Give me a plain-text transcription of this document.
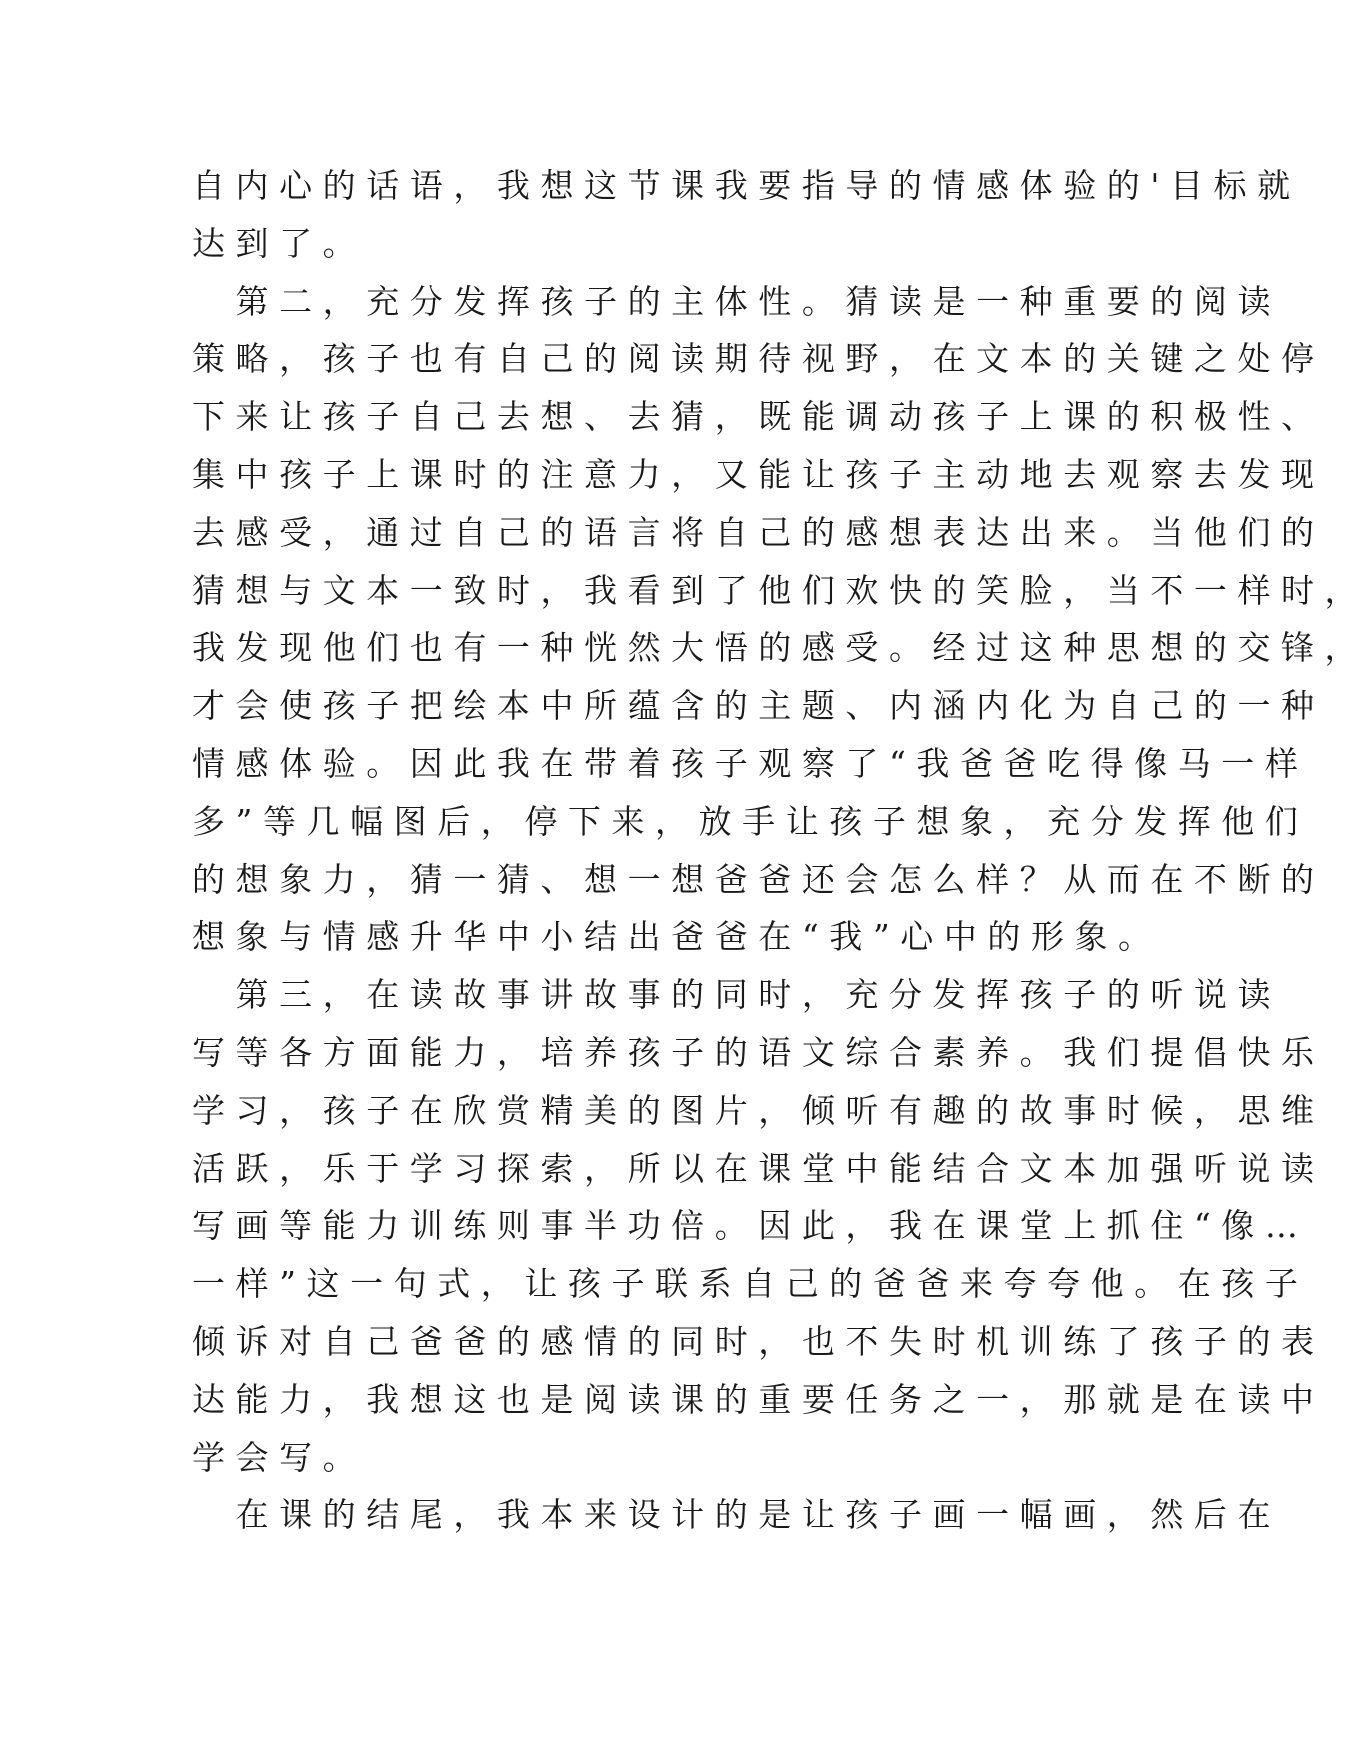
自内心的话语，我想这节课我要指导的情感体验的'目标就
达到了。
　第二，充分发挥孩子的主体性。猜读是一种重要的阅读
策略，孩子也有自己的阅读期待视野，在文本的关键之处停
下来让孩子自己去想、去猜，既能调动孩子上课的积极性、
集中孩子上课时的注意力，又能让孩子主动地去观察去发现
去感受，通过自己的语言将自己的感想表达出来。当他们的
猜想与文本一致时，我看到了他们欢快的笑脸，当不一样时，
我发现他们也有一种恍然大悟的感受。经过这种思想的交锋，
才会使孩子把绘本中所蕴含的主题、内涵内化为自己的一种
情感体验。因此我在带着孩子观察了“我爸爸吃得像马一样
多”等几幅图后，停下来，放手让孩子想象，充分发挥他们
的想象力，猜一猜、想一想爸爸还会怎么样？从而在不断的
想象与情感升华中小结出爸爸在“我”心中的形象。
　第三，在读故事讲故事的同时，充分发挥孩子的听说读
写等各方面能力，培养孩子的语文综合素养。我们提倡快乐
学习，孩子在欣赏精美的图片，倾听有趣的故事时候，思维
活跃，乐于学习探索，所以在课堂中能结合文本加强听说读
写画等能力训练则事半功倍。因此，我在课堂上抓住“像…
一样”这一句式，让孩子联系自己的爸爸来夸夸他。在孩子
倾诉对自己爸爸的感情的同时，也不失时机训练了孩子的表
达能力，我想这也是阅读课的重要任务之一，那就是在读中
学会写。
　在课的结尾，我本来设计的是让孩子画一幅画，然后在
